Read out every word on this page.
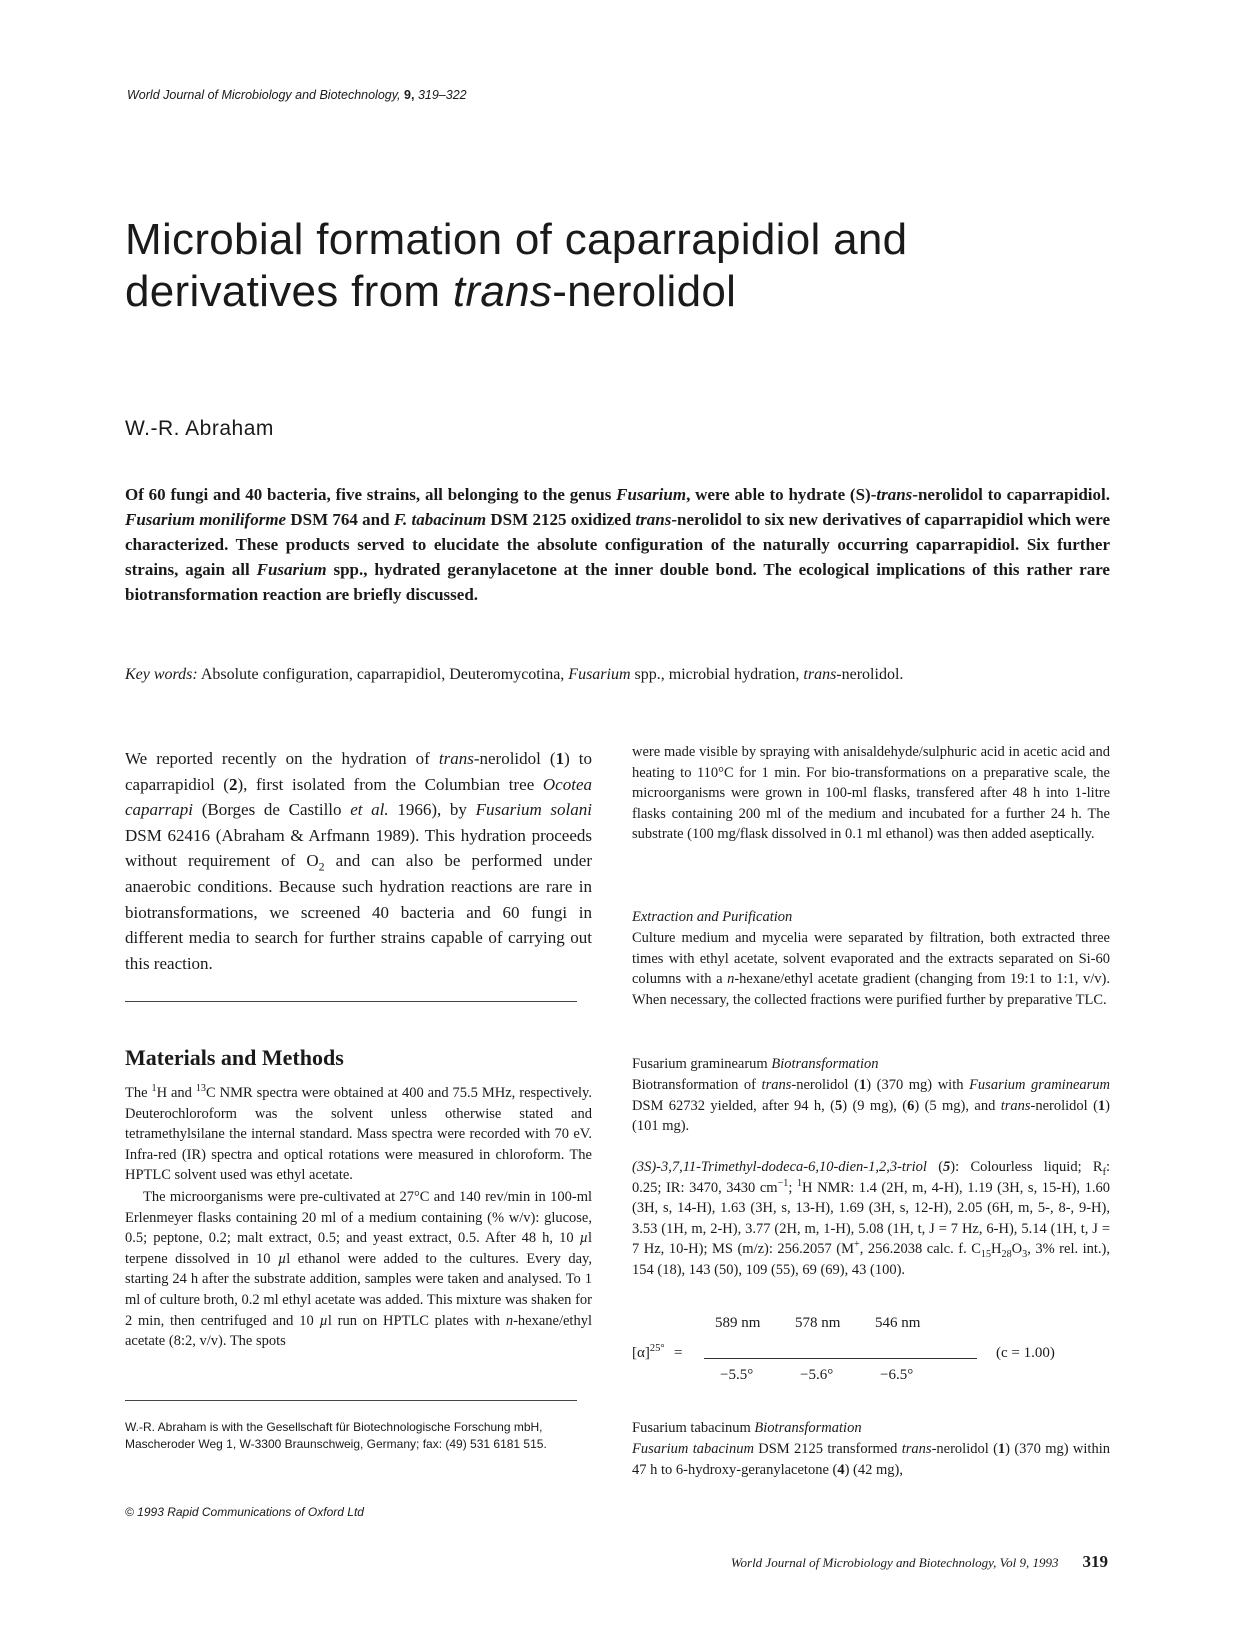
World Journal of Microbiology and Biotechnology, 9, 319–322
Microbial formation of caparrapidiol and
derivatives from trans-nerolidol
W.-R. Abraham

Of 60 fungi and 40 bacteria, five strains, all belonging to the genus Fusarium, were able to hydrate (S)-trans-nerolidol to caparrapidiol. Fusarium moniliforme DSM 764 and F. tabacinum DSM 2125 oxidized trans-nerolidol to six new derivatives of caparrapidiol which were characterized. These products served to elucidate the absolute configuration of the naturally occurring caparrapidiol. Six further strains, again all Fusarium spp., hydrated geranylacetone at the inner double bond. The ecological implications of this rather rare biotransformation reaction are briefly discussed.

Key words: Absolute configuration, caparrapidiol, Deuteromycotina, Fusarium spp., microbial hydration, trans-nerolidol.

We reported recently on the hydration of trans-nerolidol (1) to caparrapidiol (2), first isolated from the Columbian tree Ocotea caparrapi (Borges de Castillo et al. 1966), by Fusarium solani DSM 62416 (Abraham & Arfmann 1989). This hydration proceeds without requirement of $O_2$ and can also be performed under anaerobic conditions. Because such hydration reactions are rare in biotransformations, we screened 40 bacteria and 60 fungi in different media to search for further strains capable of carrying out this reaction.

Materials and Methods

The $^1$H and $^{13}$C NMR spectra were obtained at 400 and 75.5 MHz, respectively. Deuterochloroform was the solvent unless otherwise stated and tetramethylsilane the internal standard. Mass spectra were recorded with 70 eV. Infra-red (IR) spectra and optical rotations were measured in chloroform. The HPTLC solvent used was ethyl acetate.

The microorganisms were pre-cultivated at 27°C and 140 rev/min in 100-ml Erlenmeyer flasks containing 20 ml of a medium containing (% w/v): glucose, 0.5; peptone, 0.2; malt extract, 0.5; and yeast extract, 0.5. After 48 h, 10 µl terpene dissolved in 10 µl ethanol were added to the cultures. Every day, starting 24 h after the substrate addition, samples were taken and analysed. To 1 ml of culture broth, 0.2 ml ethyl acetate was added. This mixture was shaken for 2 min, then centrifuged and 10 µl run on HPTLC plates with n-hexane/ethyl acetate (8:2, v/v). The spots

W.-R. Abraham is with the Gesellschaft für Biotechnologische Forschung mbH, Mascheroder Weg 1, W-3300 Braunschweig, Germany; fax: (49) 531 6181 515.

© 1993 Rapid Communications of Oxford Ltd

were made visible by spraying with anisaldehyde/sulphuric acid in acetic acid and heating to 110°C for 1 min. For bio-transformations on a preparative scale, the microorganisms were grown in 100-ml flasks, transfered after 48 h into 1-litre flasks containing 200 ml of the medium and incubated for a further 24 h. The substrate (100 mg/flask dissolved in 0.1 ml ethanol) was then added aseptically.

Extraction and Purification

Culture medium and mycelia were separated by filtration, both extracted three times with ethyl acetate, solvent evaporated and the extracts separated on Si-60 columns with a n-hexane/ethyl acetate gradient (changing from 19:1 to 1:1, v/v). When necessary, the collected fractions were purified further by preparative TLC.

Fusarium graminearum Biotransformation

Biotransformation of trans-nerolidol (1) (370 mg) with Fusarium graminearum DSM 62732 yielded, after 94 h, (5) (9 mg), (6) (5 mg), and trans-nerolidol (1) (101 mg).

(3S)-3,7,11-Trimethyl-dodeca-6,10-dien-1,2,3-triol (5): Colourless liquid; $R_f$: 0.25; IR: 3470, 3430 $cm^{-1}$; $^1$H NMR: 1.4 (2H, m, 4-H), 1.19 (3H, s, 15-H), 1.60 (3H, s, 14-H), 1.63 (3H, s, 13-H), 1.69 (3H, s, 12-H), 2.05 (6H, m, 5-, 8-, 9-H), 3.53 (1H, m, 2-H), 3.77 (2H, m, 1-H), 5.08 (1H, t, J = 7 Hz, 6-H), 5.14 (1H, t, J = 7 Hz, 10-H); MS (m/z): 256.2057 (M+, 256.2038 calc. f. $C_{15}H_{28}O_3$, 3% rel. int.), 154 (18), 143 (50), 109 (55), 69 (69), 43 (100).

$[\alpha]^{25^\circ}$ =
589 nm 578 nm 546 nm
−5.5°	−5.6°	−6.5°
(c = 1.00)

Fusarium tabacinum Biotransformation

Fusarium tabacinum DSM 2125 transformed trans-nerolidol (1) (370 mg) within 47 h to 6-hydroxy-geranylacetone (4) (42 mg),

World Journal of Microbiology and Biotechnology, Vol 9, 1993 319
